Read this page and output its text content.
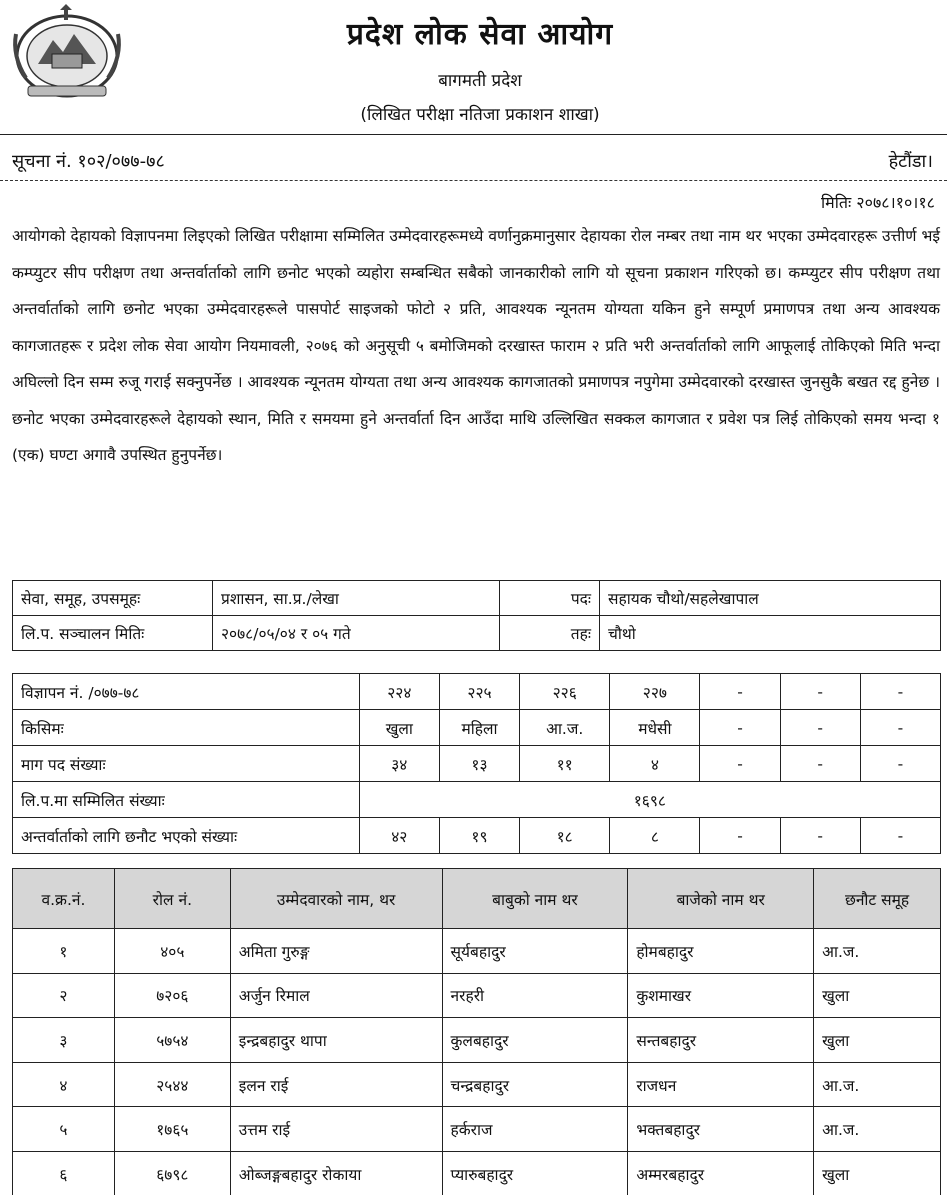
प्रदेश लोक सेवा आयोग
बागमती प्रदेश
(लिखित परीक्षा नतिजा प्रकाशन शाखा)
सूचना नं. १०२/०७७-७८	हेटौंडा।
मितिः २०७८।१०।१८
आयोगको देहायको विज्ञापनमा लिइएको लिखित परीक्षामा सम्मिलित उम्मेदवारहरूमध्ये वर्णानुक्रमानुसार देहायका रोल नम्बर तथा नाम थर भएका उम्मेदवारहरू उत्तीर्ण भई कम्प्युटर सीप परीक्षण तथा अन्तर्वार्ताको लागि छनोट भएको व्यहोरा सम्बन्धित सबैको जानकारीको लागि यो सूचना प्रकाशन गरिएको छ। कम्प्युटर सीप परीक्षण तथा अन्तर्वार्ताको लागि छनोट भएका उम्मेदवारहरूले पासपोर्ट साइजको फोटो २ प्रति, आवश्यक न्यूनतम योग्यता यकिन हुने सम्पूर्ण प्रमाणपत्र तथा अन्य आवश्यक कागजातहरू र प्रदेश लोक सेवा आयोग नियमावली, २०७६ को अनुसूची ५ बमोजिमको दरखास्त फाराम २ प्रति भरी अन्तर्वार्ताको लागि आफूलाई तोकिएको मिति भन्दा अघिल्लो दिन सम्म रुजू गराई सक्नुपर्नेछ । आवश्यक न्यूनतम योग्यता तथा अन्य आवश्यक कागजातको प्रमाणपत्र नपुगेमा उम्मेदवारको दरखास्त जुनसुकै बखत रद्द हुनेछ । छनोट भएका उम्मेदवारहरूले देहायको स्थान, मिति र समयमा हुने अन्तर्वार्ता दिन आउँदा माथि उल्लिखित सक्कल कागजात र प्रवेश पत्र लिई तोकिएको समय भन्दा १ (एक) घण्टा अगावै उपस्थित हुनुपर्नेछ।
सेवा, समूह, उपसमूहः	प्रशासन, सा.प्र./लेखा	पदः	सहायक चौथो/सहलेखापाल
लि.प. सञ्चालन मितिः	२०७८/०५/०४ र ०५ गते	तहः	चौथो
विज्ञापन नं. /०७७-७८	२२४	२२५	२२६	२२७	-	-	-
किसिमः	खुला	महिला	आ.ज.	मधेसी	-	-	-
माग पद संख्याः	३४	१३	११	४	-	-	-
लि.प.मा सम्मिलित संख्याः	१६९८						
अन्तर्वार्ताको लागि छनौट भएको संख्याः	४२	१९	१८	८	-	-	-
व.क्र.नं.	रोल नं.	उम्मेदवारको नाम, थर	बाबुको नाम थर	बाजेको नाम थर	छनौट समूह
१	४०५	अमिता गुरुङ्ग	सूर्यबहादुर	होमबहादुर	आ.ज.
२	७२०६	अर्जुन रिमाल	नरहरी	कुशमाखर	खुला
३	५७५४	इन्द्रबहादुर थापा	कुलबहादुर	सन्तबहादुर	खुला
४	२५४४	इलन राई	चन्द्रबहादुर	राजधन	आ.ज.
५	१७६५	उत्तम राई	हर्कराज	भक्तबहादुर	आ.ज.
६	६७९८	ओब्जङ्गबहादुर रोकाया	प्यारुबहादुर	अम्मरबहादुर	खुला
